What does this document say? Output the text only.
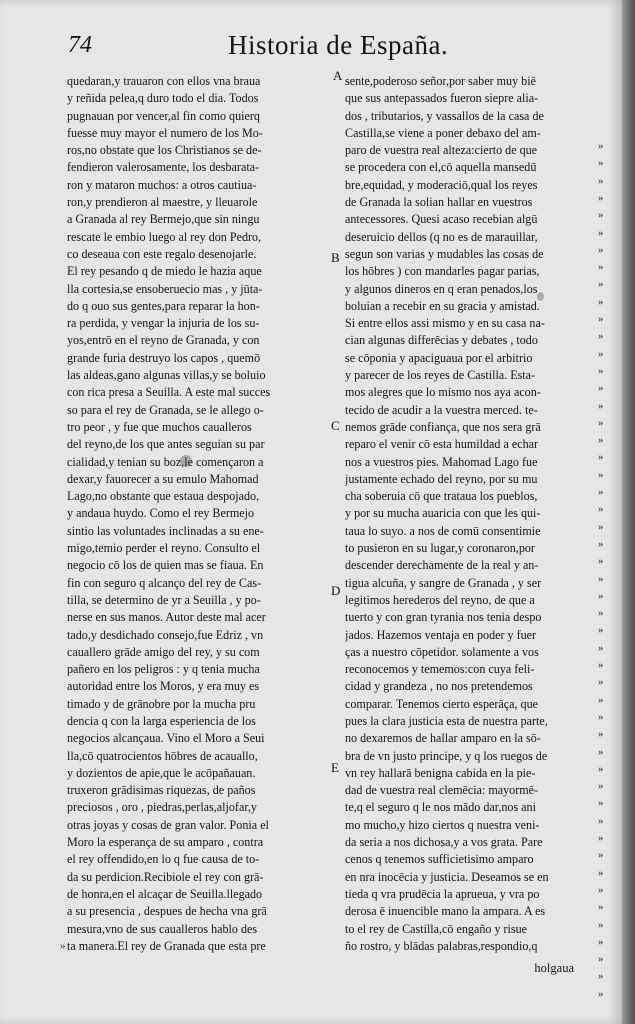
74	Historia de España.
quedaran,y trauaron con ellos vna braua
y reñida pelea,q duro todo el dia. Todos
pugnauan por vencer,al fin como quierq
fuesse muy mayor el numero de los Mo-
ros,no obstate que los Christianos se de-
fendieron valerosamente, los desbarata-
ron y mataron muchos: a otros cautiua-
ron,y prendieron al maestre, y lleuarole
a Granada al rey Bermejo,que sin ningu
rescate le embio luego al rey don Pedro,
co deseaua con este regalo desenojarle.
El rey pesando q de miedo le hazia aque
lla cortesia,se ensoberuecio mas , y jūta-
do q ouo sus gentes,para reparar la hon-
ra perdida, y vengar la injuria de los su-
yos,entrō en el reyno de Granada, y con
grande furia destruyo los capos , quemō
las aldeas,gano algunas villas,y se boluio
con rica presa a Seuilla. A este mal succes
so para el rey de Granada, se le allego o-
tro peor , y fue que muchos caualleros
del reyno,de los que antes seguian su par
cialidad,y tenian su boz,le començaron a
dexar,y fauorecer a su emulo Mahomad
Lago,no obstante que estaua despojado,
y andaua huydo. Como el rey Bermejo
sintio las voluntades inclinadas a su ene-
migo,temio perder el reyno. Consulto el
negocio cō los de quien mas se fiaua. En
fin con seguro q alcanço del rey de Cas-
tilla, se determino de yr a Seuilla , y po-
nerse en sus manos. Autor deste mal acer
tado,y desdichado consejo,fue Edriz , vn
cauallero grāde amigo del rey, y su com
pañero en los peligros : y q tenia mucha
autoridad entre los Moros, y era muy es
timado y de grānobre por la mucha pru
dencia q con la larga esperiencia de los
negocios alcançaua. Vino el Moro a Seui
lla,cō quatrocientos hōbres de acauallo,
y dozientos de apie,que le acōpañauan.
truxeron grādisimas riquezas, de paños
preciosos , oro , piedras,perlas,aljofar,y
otras joyas y cosas de gran valor. Ponia el
Moro la esperança de su amparo , contra
el rey offendido,en lo q fue causa de to-
da su perdicion.Recibiole el rey con grā-
de honra,en el alcaçar de Seuilla.llegado
a su presencia , despues de hecha vna grā
mesura,vno de sus caualleros hablo des
ta manera.El rey de Granada que esta pre
sente,poderoso señor,por saber muy biē
que sus antepassados fueron siepre alia-
dos , tributarios, y vassallos de la casa de
Castilla,se viene a poner debaxo del am-
paro de vuestra real alteza:cierto de que
se procedera con el,cō aquella mansedū
bre,equidad, y moderaciō,qual los reyes
de Granada la solian hallar en vuestros
antecessores. Quesi acaso recebian algū
deseruicio dellos (q no es de marauillar,
segun son varias y mudables las cosas de
los hōbres ) con mandarles pagar parias,
y algunos dineros en q eran penados,los
boluian a recebir en su gracia y amistad.
Si entre ellos assi mismo y en su casa na-
cian algunas differēcias y debates , todo
se cōponia y apaciguaua por el arbitrio
y parecer de los reyes de Castilla. Esta-
mos alegres que lo mismo nos aya acon-
tecido de acudir a la vuestra merced. te-
nemos grāde confiança, que nos sera grā
reparo el venir cō esta humildad a echar
nos a vuestros pies. Mahomad Lago fue
justamente echado del reyno, por su mu
cha soberuia cō que trataua los pueblos,
y por su mucha auaricia con que les qui-
taua lo suyo. a nos de comū consentimie
to pusieron en su lugar,y coronaron,por
descender derechamente de la real y an-
tigua alcuña, y sangre de Granada , y ser
legitimos herederos del reyno, de que a
tuerto y con gran tyrania nos tenia despo
jados. Hazemos ventaja en poder y fuer
ças a nuestro cōpetidor. solamente a vos
reconocemos y tememos:con cuya feli-
cidad y grandeza , no nos pretendemos
comparar. Tenemos cierto esperāça, que
pues la clara justicia esta de nuestra parte,
no dexaremos de hallar amparo en la sō-
bra de vn justo principe, y q los ruegos de
vn rey hallarā benigna cabida en la pie-
dad de vuestra real clemēcia: mayormē-
te,q el seguro q le nos mādo dar,nos ani
mo mucho,y hizo ciertos q nuestra veni-
da seria a nos dichosa,y a vos grata. Pare
cenos q tenemos sufficietisimo amparo
en nra inocēcia y justicia. Deseamos se en
tieda q vra prudēcia la aprueua, y vra po
derosa ē inuencible mano la ampara. A es
to el rey de Castilla,cō engaño y risue
ño rostro, y blādas palabras,respondio,q
A
B
C
D
E
»
»
»
»
»
»
»
»
»
»
»
»
»
»
»
»
»
»
»
»
»
»
»
»
»
»
»
»
»
»
»
»
»
»
»
»
»
»
»
»
»
»
»
»
»
»
»
»
»
»
»
holgaua
